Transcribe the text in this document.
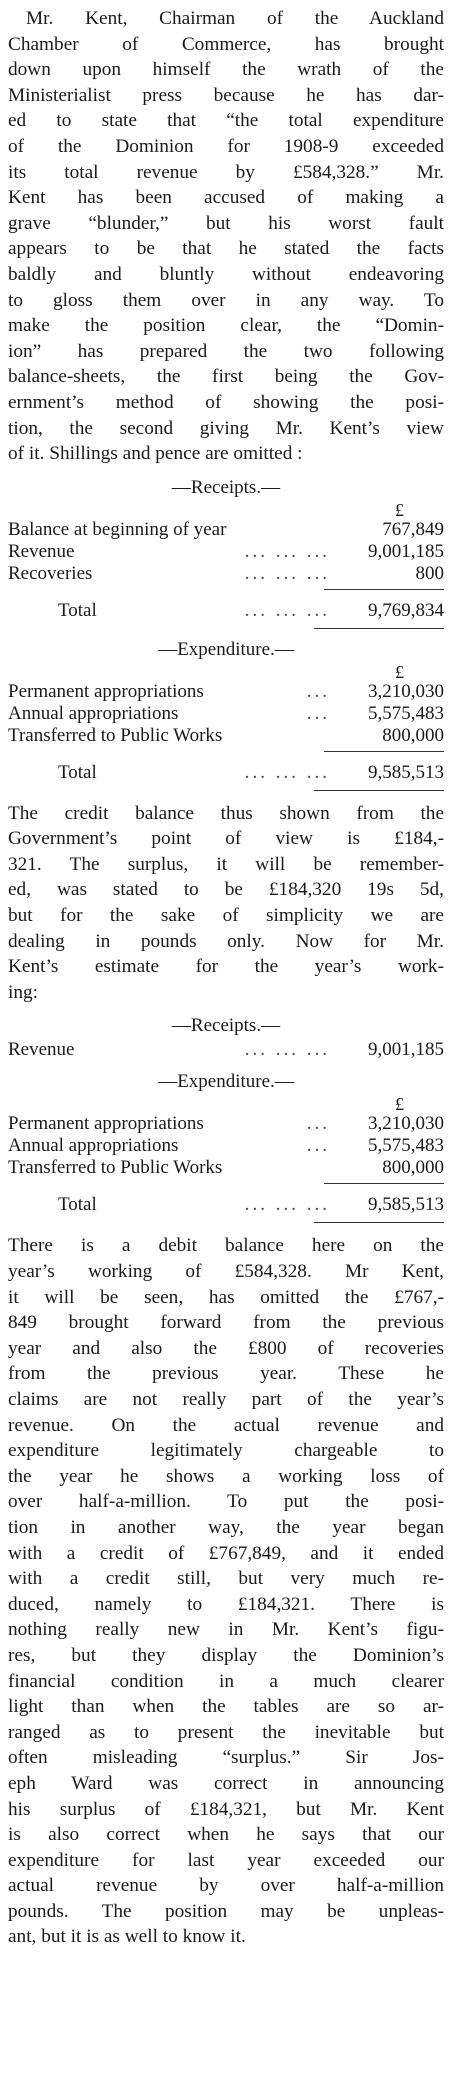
Mr. Kent, Chairman of the Auckland
Chamber of Commerce, has brought
down upon himself the wrath of the
Ministerialist press because he has dar-
ed to state that “the total expenditure
of the Dominion for 1908-9 exceeded
its total revenue by £584,328.” Mr.
Kent has been accused of making a
grave “blunder,” but his worst fault
appears to be that he stated the facts
baldly and bluntly without endeavoring
to gloss them over in any way. To
make the position clear, the “Domin-
ion” has prepared the two following
balance-sheets, the first being the Gov-
ernment’s method of showing the posi-
tion, the second giving Mr. Kent’s view
of it. Shillings and pence are omitted :

—Receipts.—
£
Balance at beginning of year	767,849
Revenue	... ... ...	9,001,185
Recoveries	... ... ...	800
Total	... ... ...	9,769,834
—Expenditure.—
£
Permanent appropriations	...	3,210,030
Annual appropriations	...	5,575,483
Transferred to Public Works	800,000
Total	... ... ...	9,585,513

The credit balance thus shown from the
Government’s point of view is £184,-
321. The surplus, it will be remember-
ed, was stated to be £184,320 19s 5d,
but for the sake of simplicity we are
dealing in pounds only. Now for Mr.
Kent’s estimate for the year’s work-
ing:

—Receipts.—
Revenue	... ... ...	9,001,185
—Expenditure.—
£
Permanent appropriations	...	3,210,030
Annual appropriations	...	5,575,483
Transferred to Public Works	800,000
Total	... ... ...	9,585,513

There is a debit balance here on the
year’s working of £584,328. Mr Kent,
it will be seen, has omitted the £767,-
849 brought forward from the previous
year and also the £800 of recoveries
from the previous year. These he
claims are not really part of the year’s
revenue. On the actual revenue and
expenditure legitimately chargeable to
the year he shows a working loss of
over half-a-million. To put the posi-
tion in another way, the year began
with a credit of £767,849, and it ended
with a credit still, but very much re-
duced, namely to £184,321. There is
nothing really new in Mr. Kent’s figu-
res, but they display the Dominion’s
financial condition in a much clearer
light than when the tables are so ar-
ranged as to present the inevitable but
often misleading “surplus.” Sir Jos-
eph Ward was correct in announcing
his surplus of £184,321, but Mr. Kent
is also correct when he says that our
expenditure for last year exceeded our
actual revenue by over half-a-million
pounds. The position may be unpleas-
ant, but it is as well to know it.
